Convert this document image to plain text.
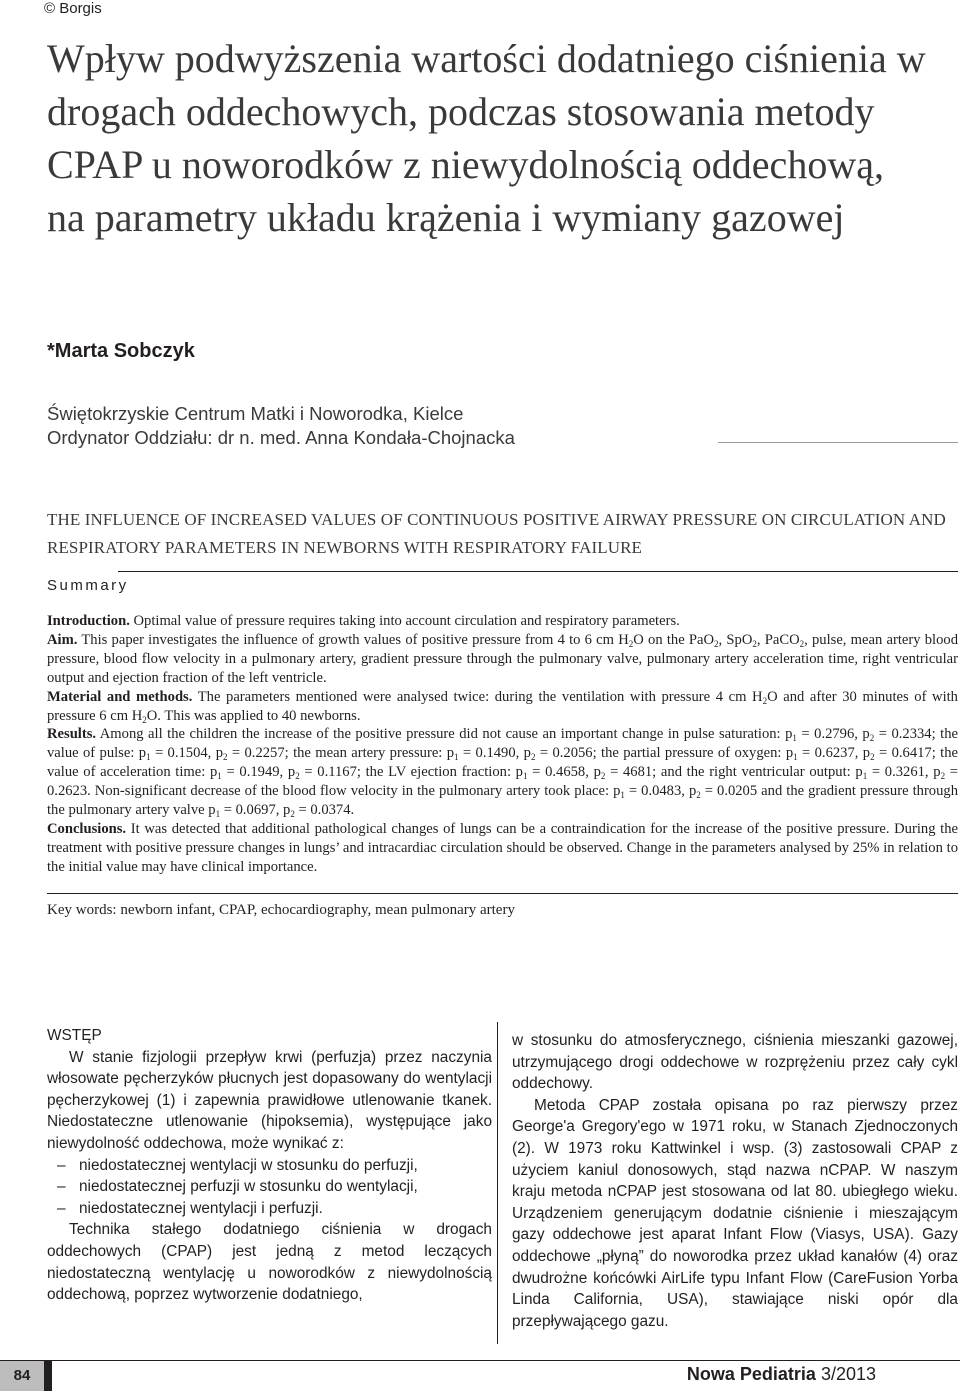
© Borgis
Wpływ podwyższenia wartości dodatniego ciśnienia w drogach oddechowych, podczas stosowania metody CPAP u noworodków z niewydolnością oddechową, na parametry układu krążenia i wymiany gazowej
*Marta Sobczyk
Świętokrzyskie Centrum Matki i Noworodka, Kielce
Ordynator Oddziału: dr n. med. Anna Kondała-Chojnacka
THE INFLUENCE OF INCREASED VALUES OF CONTINUOUS POSITIVE AIRWAY PRESSURE ON CIRCULATION AND RESPIRATORY PARAMETERS IN NEWBORNS WITH RESPIRATORY FAILURE
Summary

Introduction. Optimal value of pressure requires taking into account circulation and respiratory parameters.

Aim. This paper investigates the influence of growth values of positive pressure from 4 to 6 cm $H_2O$ on the PaO$_2$, SpO$_2$, PaCO$_2$, pulse, mean artery blood pressure, blood flow velocity in a pulmonary artery, gradient pressure through the pulmonary valve, pulmonary artery acceleration time, right ventricular output and ejection fraction of the left ventricle.

Material and methods. The parameters mentioned were analysed twice: during the ventilation with pressure 4 cm $H_2O$ and after 30 minutes of with pressure 6 cm $H_2O$. This was applied to 40 newborns.

Results. Among all the children the increase of the positive pressure did not cause an important change in pulse saturation: $p_1 = 0.2796$, $p_2 = 0.2334$; the value of pulse: $p_1 = 0.1504$, $p_2 = 0.2257$; the mean artery pressure: $p_1 = 0.1490$, $p_2 = 0.2056$; the partial pressure of oxygen: $p_1 = 0.6237$, $p_2 = 0.6417$; the value of acceleration time: $p_1 = 0.1949$, $p_2 = 0.1167$; the LV ejection fraction: $p_1 = 0.4658$, $p_2 = 4681$; and the right ventricular output: $p_1 = 0.3261$, $p_2 = 0.2623$. Non-significant decrease of the blood flow velocity in the pulmonary artery took place: $p_1 = 0.0483$, $p_2 = 0.0205$ and the gradient pressure through the pulmonary artery valve $p_1 = 0.0697$, $p_2 = 0.0374$.

Conclusions. It was detected that additional pathological changes of lungs can be a contraindication for the increase of the positive pressure. During the treatment with positive pressure changes in lungs’ and intracardiac circulation should be observed. Change in the parameters analysed by 25% in relation to the initial value may have clinical importance.

Key words: newborn infant, CPAP, echocardiography, mean pulmonary artery
WSTĘP

W stanie fizjologii przepływ krwi (perfuzja) przez naczynia włosowate pęcherzyków płucnych jest dopasowany do wentylacji pęcherzykowej (1) i zapewnia prawidłowe utlenowanie tkanek. Niedostateczne utlenowanie (hipoksemia), występujące jako niewydolność oddechowa, może wynikać z:

– niedostatecznej wentylacji w stosunku do perfuzji,
– niedostatecznej perfuzji w stosunku do wentylacji,
– niedostatecznej wentylacji i perfuzji.

Technika stałego dodatniego ciśnienia w drogach oddechowych (CPAP) jest jedną z metod leczących niedostateczną wentylację u noworodków z niewydolnością oddechową, poprzez wytworzenie dodatniego,

w stosunku do atmosferycznego, ciśnienia mieszanki gazowej, utrzymującego drogi oddechowe w rozprężeniu przez cały cykl oddechowy.

Metoda CPAP została opisana po raz pierwszy przez George'a Gregory'ego w 1971 roku, w Stanach Zjednoczonych (2). W 1973 roku Kattwinkel i wsp. (3) zastosowali CPAP z użyciem kaniul donosowych, stąd nazwa nCPAP. W naszym kraju metoda nCPAP jest stosowana od lat 80. ubiegłego wieku. Urządzeniem generującym dodatnie ciśnienie i mieszającym gazy oddechowe jest aparat Infant Flow (Viasys, USA). Gazy oddechowe „płyną” do noworodka przez układ kanałów (4) oraz dwudrożne końcówki AirLife typu Infant Flow (CareFusion Yorba Linda California, USA), stawiające niski opór dla przepływającego gazu.

84	Nowa Pediatria 3/2013
